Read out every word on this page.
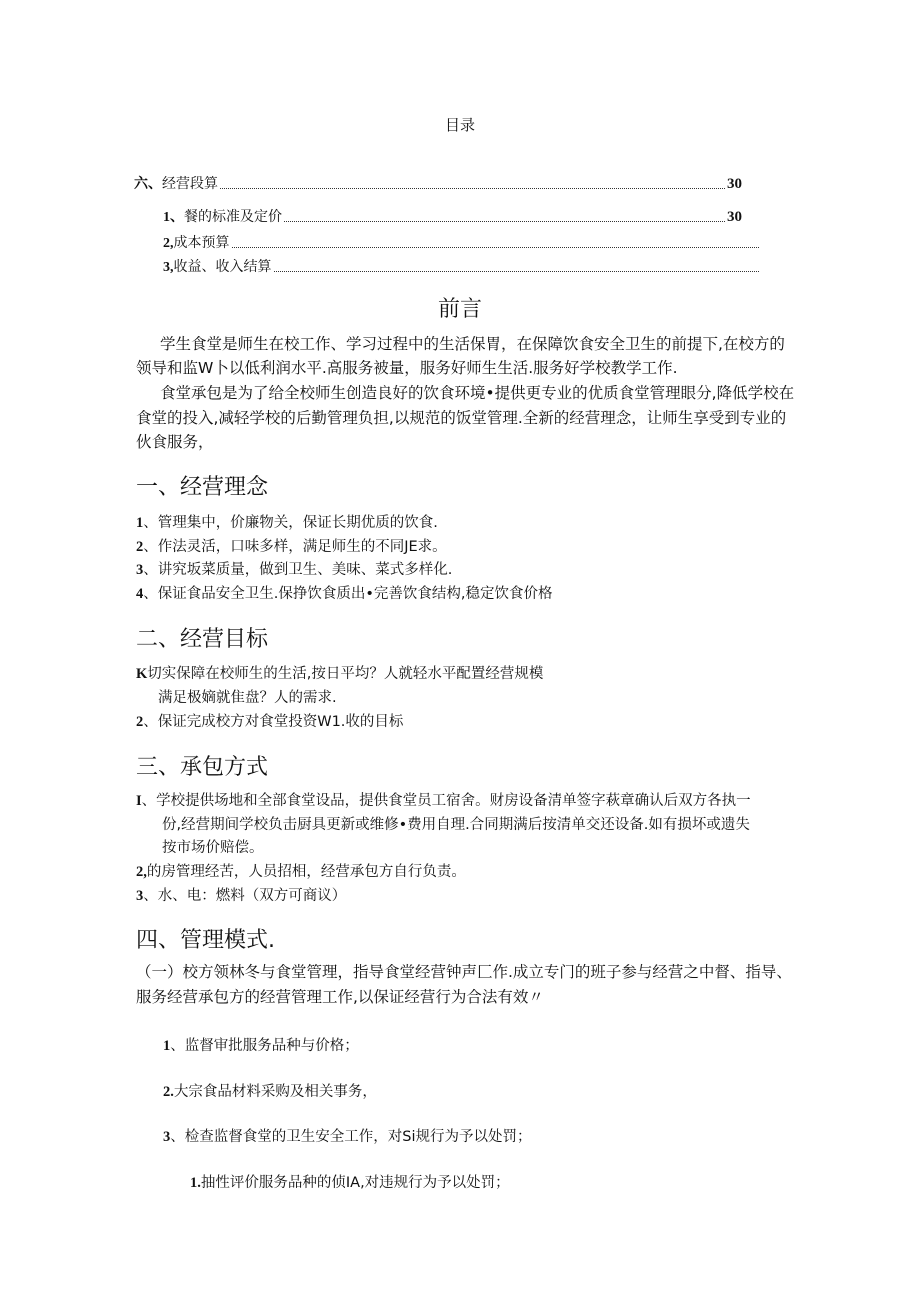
目录
六、 经营段算	30
1、 餐的标准及定价	30
2, 成本预算
3, 收益、收入结算
前言
学生食堂是师生在校工作、学习过程中的生活保胃，在保障饮食安全卫生的前提下,在校方的
领导和监W卜以低利润水平.高服务被量，服务好师生生活.服务好学校教学工作.
食堂承包是为了给全校师生创造良好的饮食环境•提供更专业的优质食堂管理眼分,降低学校在
食堂的投入,减轻学校的后勤管理负担,以规范的饭堂管理.全新的经营理念，让师生享受到专业的
伙食服务，
一、经营理念
1、管理集中，价廉物关，保证长期优质的饮食.
2、作法灵活，口味多样，满足师生的不同JE求。
3、讲究坂菜质量，做到卫生、美味、菜式多样化.
4、保证食品安全卫生.保挣饮食质出•完善饮食结构,稳定饮食价格
二、经营目标
K切实保障在校师生的生活,按日平均？人就轻水平配置经营规模
满足极嫡就隹盘？人的需求.
2、保证完成校方对食堂投资W1.收的目标
三、承包方式
I、学校提供场地和全部食堂设品，提供食堂员工宿舍。财房设备清单签字萩章确认后双方各执一
份,经营期间学校负击厨具更新或维修•费用自理.合同期满后按清单交还设备.如有损坏或遗失
按市场价赔偿。
2,的房管理经苦，人员招相，经营承包方自行负责。
3、水、电：燃料（双方可商议）
四、管理模式.
（一）校方领林冬与食堂管理，指导食堂经营钟声匚作.成立专门的班子参与经营之中督、指导、
服务经营承包方的经营管理工作,以保证经营行为合法有效〃
1、监督审批服务品种与价格；
2.大宗食品材料采购及相关事务，
3、检查监督食堂的卫生安全工作，对Si规行为予以处罚；
1.抽性评价服务品种的侦IA,对违规行为予以处罚；
